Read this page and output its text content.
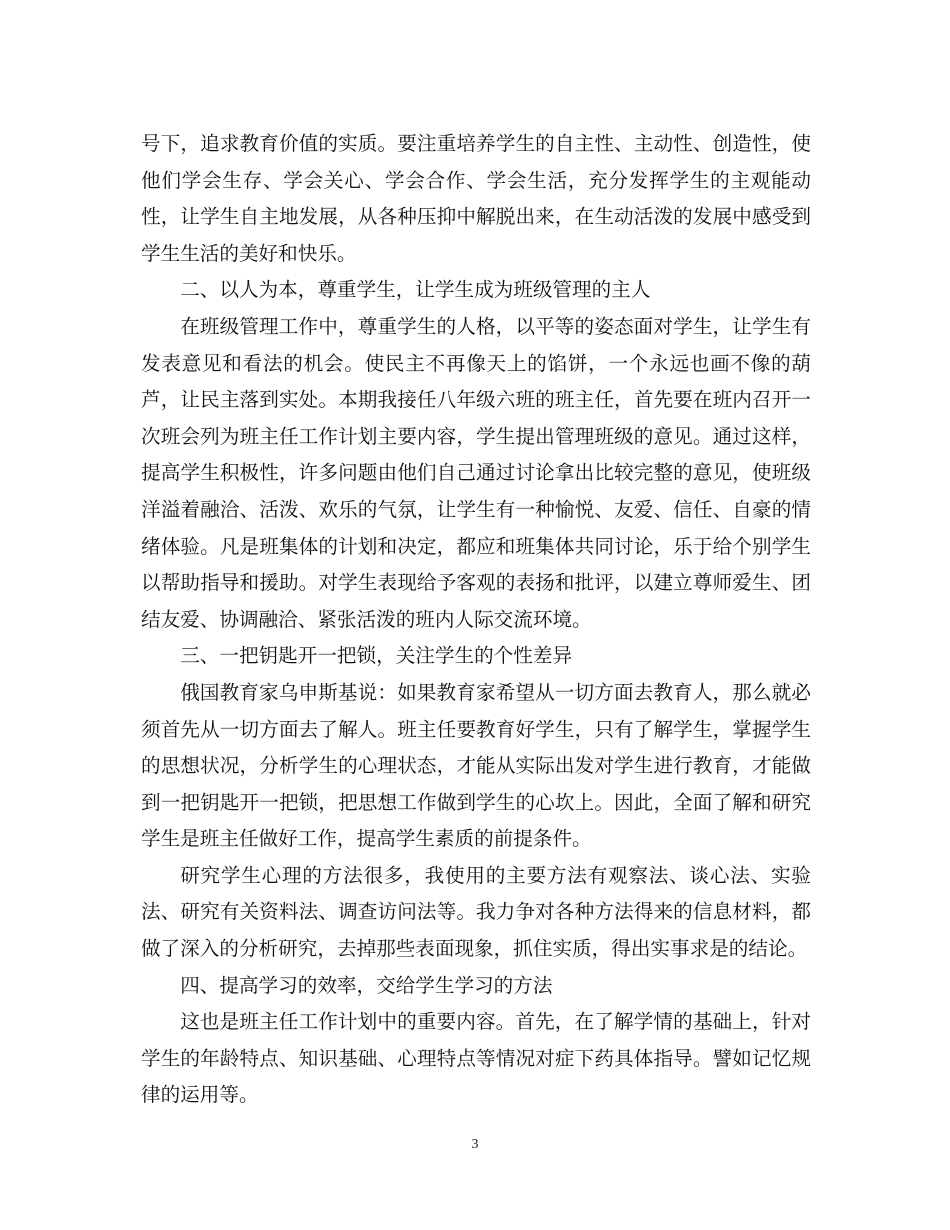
号下，追求教育价值的实质。要注重培养学生的自主性、主动性、创造性，使他们学会生存、学会关心、学会合作、学会生活，充分发挥学生的主观能动性，让学生自主地发展，从各种压抑中解脱出来，在生动活泼的发展中感受到学生生活的美好和快乐。

二、以人为本，尊重学生，让学生成为班级管理的主人

在班级管理工作中，尊重学生的人格，以平等的姿态面对学生，让学生有发表意见和看法的机会。使民主不再像天上的馅饼，一个永远也画不像的葫芦，让民主落到实处。本期我接任八年级六班的班主任，首先要在班内召开一次班会列为班主任工作计划主要内容，学生提出管理班级的意见。通过这样，提高学生积极性，许多问题由他们自己通过讨论拿出比较完整的意见，使班级洋溢着融洽、活泼、欢乐的气氛，让学生有一种愉悦、友爱、信任、自豪的情绪体验。凡是班集体的计划和决定，都应和班集体共同讨论，乐于给个别学生以帮助指导和援助。对学生表现给予客观的表扬和批评，以建立尊师爱生、团结友爱、协调融洽、紧张活泼的班内人际交流环境。

三、一把钥匙开一把锁，关注学生的个性差异

俄国教育家乌申斯基说：如果教育家希望从一切方面去教育人，那么就必须首先从一切方面去了解人。班主任要教育好学生，只有了解学生，掌握学生的思想状况，分析学生的心理状态，才能从实际出发对学生进行教育，才能做到一把钥匙开一把锁，把思想工作做到学生的心坎上。因此，全面了解和研究学生是班主任做好工作，提高学生素质的前提条件。

研究学生心理的方法很多，我使用的主要方法有观察法、谈心法、实验法、研究有关资料法、调查访问法等。我力争对各种方法得来的信息材料，都做了深入的分析研究，去掉那些表面现象，抓住实质，得出实事求是的结论。

四、提高学习的效率，交给学生学习的方法

这也是班主任工作计划中的重要内容。首先，在了解学情的基础上，针对学生的年龄特点、知识基础、心理特点等情况对症下药具体指导。譬如记忆规律的运用等。

3
